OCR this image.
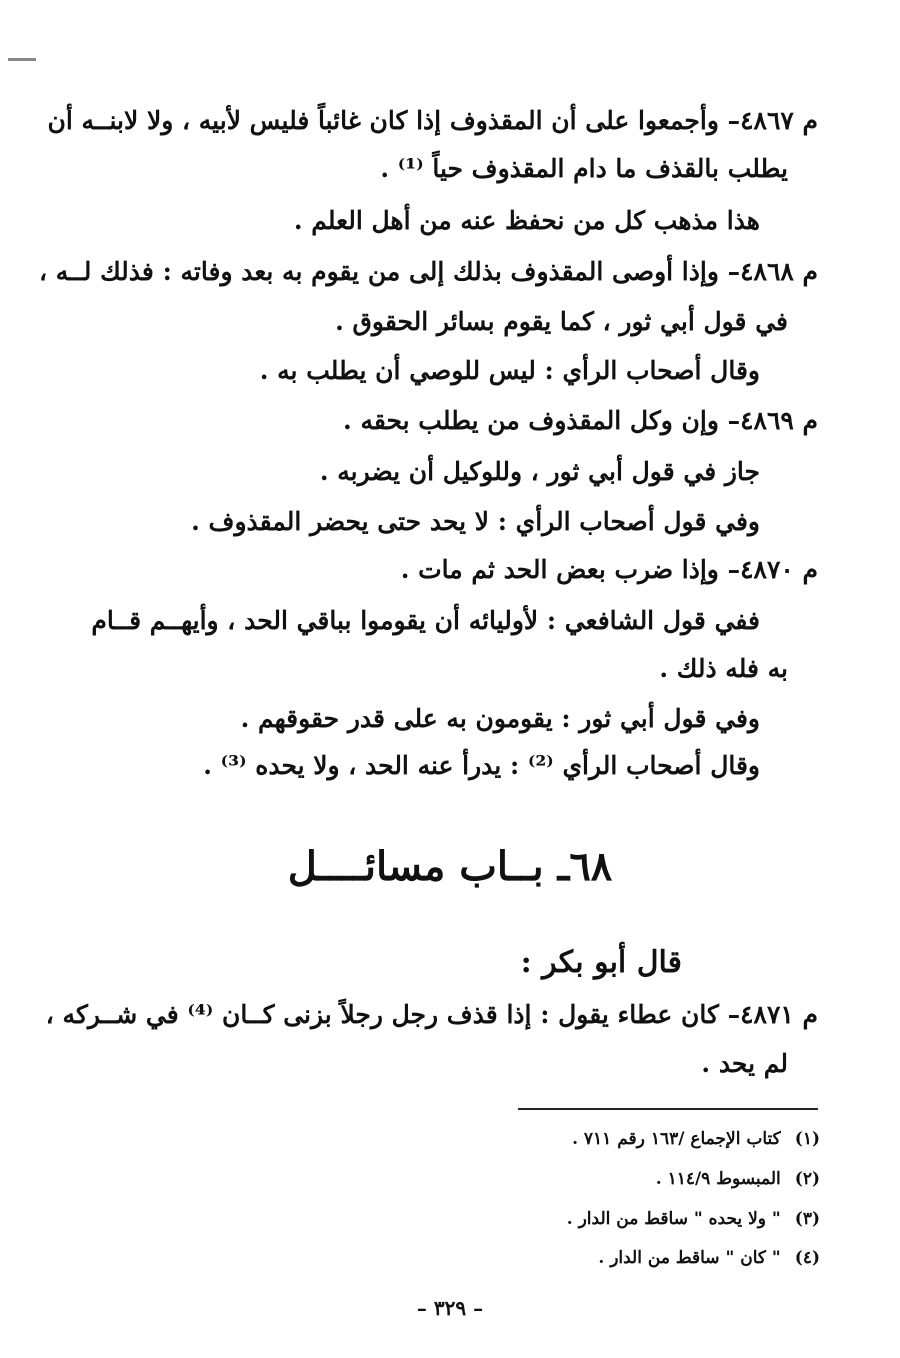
م ٤٨٦٧– وأجمعوا على أن المقذوف إذا كان غائباً فليس لأبيه ، ولا لابنــه أن
يطلب بالقذف ما دام المقذوف حياً ⁽¹⁾ .
هذا مذهب كل من نحفظ عنه من أهل العلم .
م ٤٨٦٨– وإذا أوصى المقذوف بذلك إلى من يقوم به بعد وفاته : فذلك لــه ،
في قول أبي ثور ، كما يقوم بسائر الحقوق .
وقال أصحاب الرأي : ليس للوصي أن يطلب به .
م ٤٨٦٩– وإن وكل المقذوف من يطلب بحقه .
جاز في قول أبي ثور ، وللوكيل أن يضربه .
وفي قول أصحاب الرأي : لا يحد حتى يحضر المقذوف .
م ٤٨٧٠– وإذا ضرب بعض الحد ثم مات .
ففي قول الشافعي : لأوليائه أن يقوموا بباقي الحد ، وأيهــم قــام
به فله ذلك .
وفي قول أبي ثور : يقومون به على قدر حقوقهم .
وقال أصحاب الرأي ⁽²⁾ : يدرأ عنه الحد ، ولا يحده ⁽³⁾ .
٦٨ـ بــاب مسائــــل
قال أبو بكر :
م ٤٨٧١– كان عطاء يقول : إذا قذف رجل رجلاً بزنى كــان ⁽⁴⁾ في شــركه ،
لم يحد .
(١)كتاب الإجماع /١٦٣ رقم ٧١١ .
(٢)المبسوط ١١٤/٩ .
(٣)" ولا يحده " ساقط من الدار .
(٤)" كان " ساقط من الدار .
– ٣٢٩ –
